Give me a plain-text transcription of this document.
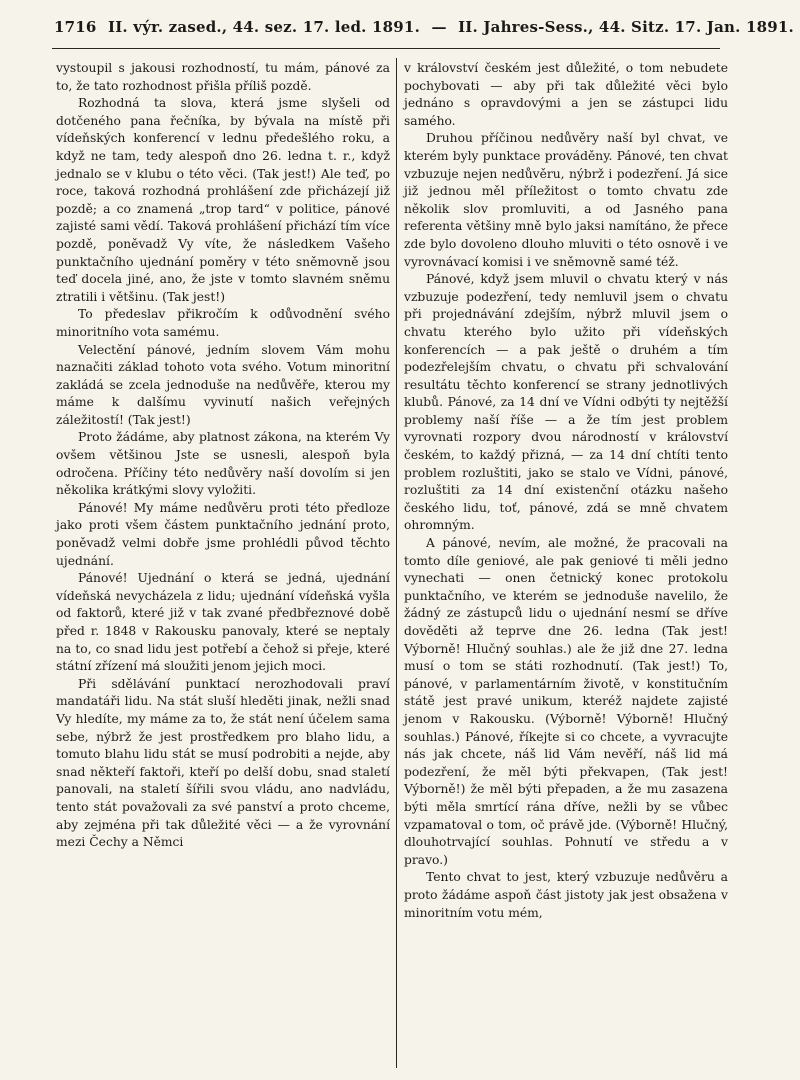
1716 II. výr. zased., 44. sez. 17. led. 1891. — II. Jahres-Sess., 44. Sitz. 17. Jan. 1891.

vystoupil s jakousi rozhodností, tu mám, pánové za to, že tato rozhodnost přišla příliš pozdě.

Rozhodná ta slova, která jsme slyšeli od dotčeného pana řečníka, by bývala na místě při vídeňských konferencí v lednu předešlého roku, a když ne tam, tedy alespoň dno 26. ledna t. r., když jednalo se v klubu o této věci. (Tak jest!) Ale teď, po roce, taková rozhodná prohlášení zde přicházejí již pozdě; a co znamená „trop tard“ v politice, pánové zajisté sami vědí. Taková prohlášení přichází tím více pozdě, poněvadž Vy víte, že následkem Vašeho punktačního ujednání poměry v této sněmovně jsou teď docela jiné, ano, že jste v tomto slavném sněmu ztratili i většinu. (Tak jest!)

To předeslav přikročím k odůvodnění svého minoritního vota samému.

Velectění pánové, jedním slovem Vám mohu naznačiti základ tohoto vota svého. Votum minoritní zakládá se zcela jednoduše na nedůvěře, kterou my máme k dalšímu vyvinutí našich veřejných záležitostí! (Tak jest!)

Proto žádáme, aby platnost zákona, na kterém Vy ovšem většinou Jste se usnesli, alespoň byla odročena. Příčiny této nedůvěry naší dovolím si jen několika krátkými slovy vyložiti.

Pánové! My máme nedůvěru proti této předloze jako proti všem částem punktačního jednání proto, poněvadž velmi dobře jsme prohlédli původ těchto ujednání.

Pánové! Ujednání o která se jedná, ujednání vídeňská nevycházela z lidu; ujednání vídeňská vyšla od faktorů, které již v tak zvané předbřeznové době před r. 1848 v Rakousku panovaly, které se neptaly na to, co snad lidu jest potřebí a čehož si přeje, které státní zřízení má sloužiti jenom jejich moci.

Při sdělávání punktací nerozhodovali praví mandatáři lidu. Na stát sluší hleděti jinak, nežli snad Vy hledíte, my máme za to, že stát není účelem sama sebe, nýbrž že jest prostředkem pro blaho lidu, a tomuto blahu lidu stát se musí podrobiti a nejde, aby snad někteří faktoři, kteří po delší dobu, snad staletí panovali, na staletí šířili svou vládu, ano nadvládu, tento stát považovali za své panství a proto chceme, aby zejména při tak důležité věci — a že vyrovnání mezi Čechy a Němci

v království českém jest důležité, o tom nebudete pochybovati — aby při tak důležité věci bylo jednáno s opravdovými a jen se zástupci lidu samého.

Druhou příčinou nedůvěry naší byl chvat, ve kterém byly punktace prováděny. Pánové, ten chvat vzbuzuje nejen nedůvěru, nýbrž i podezření. Já sice již jednou měl příležitost o tomto chvatu zde několik slov promluviti, a od Jasného pana referenta většiny mně bylo jaksi namítáno, že přece zde bylo dovoleno dlouho mluviti o této osnově i ve vyrovnávací komisi i ve sněmovně samé též.

Pánové, když jsem mluvil o chvatu který v nás vzbuzuje podezření, tedy nemluvil jsem o chvatu při projednávání zdejším, nýbrž mluvil jsem o chvatu kterého bylo užito při vídeňských konferencích — a pak ještě o druhém a tím podezřelejším chvatu, o chvatu při schvalování resultátu těchto konferencí se strany jednotlivých klubů. Pánové, za 14 dní ve Vídni odbýti ty nejtěžší problemy naší říše — a že tím jest problem vyrovnati rozpory dvou národností v království českém, to každý přizná, — za 14 dní chtíti tento problem rozluštiti, jako se stalo ve Vídni, pánové, rozluštiti za 14 dní existenční otázku našeho českého lidu, toť, pánové, zdá se mně chvatem ohromným.

A pánové, nevím, ale možné, že pracovali na tomto díle geniové, ale pak geniové ti měli jedno vynechati — onen četnický konec protokolu punktačního, ve kterém se jednoduše navelilo, že žádný ze zástupců lidu o ujednání nesmí se dříve dověděti až teprve dne 26. ledna (Tak jest! Výborně! Hlučný souhlas.) ale že již dne 27. ledna musí o tom se státi rozhodnutí. (Tak jest!) To, pánové, v parlamentárním životě, v konstitučním státě jest pravé unikum, kteréž najdete zajisté jenom v Rakousku. (Výborně! Výborně! Hlučný souhlas.) Pánové, říkejte si co chcete, a vyvracujte nás jak chcete, náš lid Vám nevěří, náš lid má podezření, že měl býti překvapen, (Tak jest! Výborně!) že měl býti přepaden, a že mu zasazena býti měla smrtící rána dříve, nežli by se vůbec vzpamatoval o tom, oč právě jde. (Výborně! Hlučný, dlouhotrvající souhlas. Pohnutí ve středu a v pravo.)

Tento chvat to jest, který vzbuzuje nedůvěru a proto žádáme aspoň část jistoty jak jest obsažena v minoritním votu mém,
